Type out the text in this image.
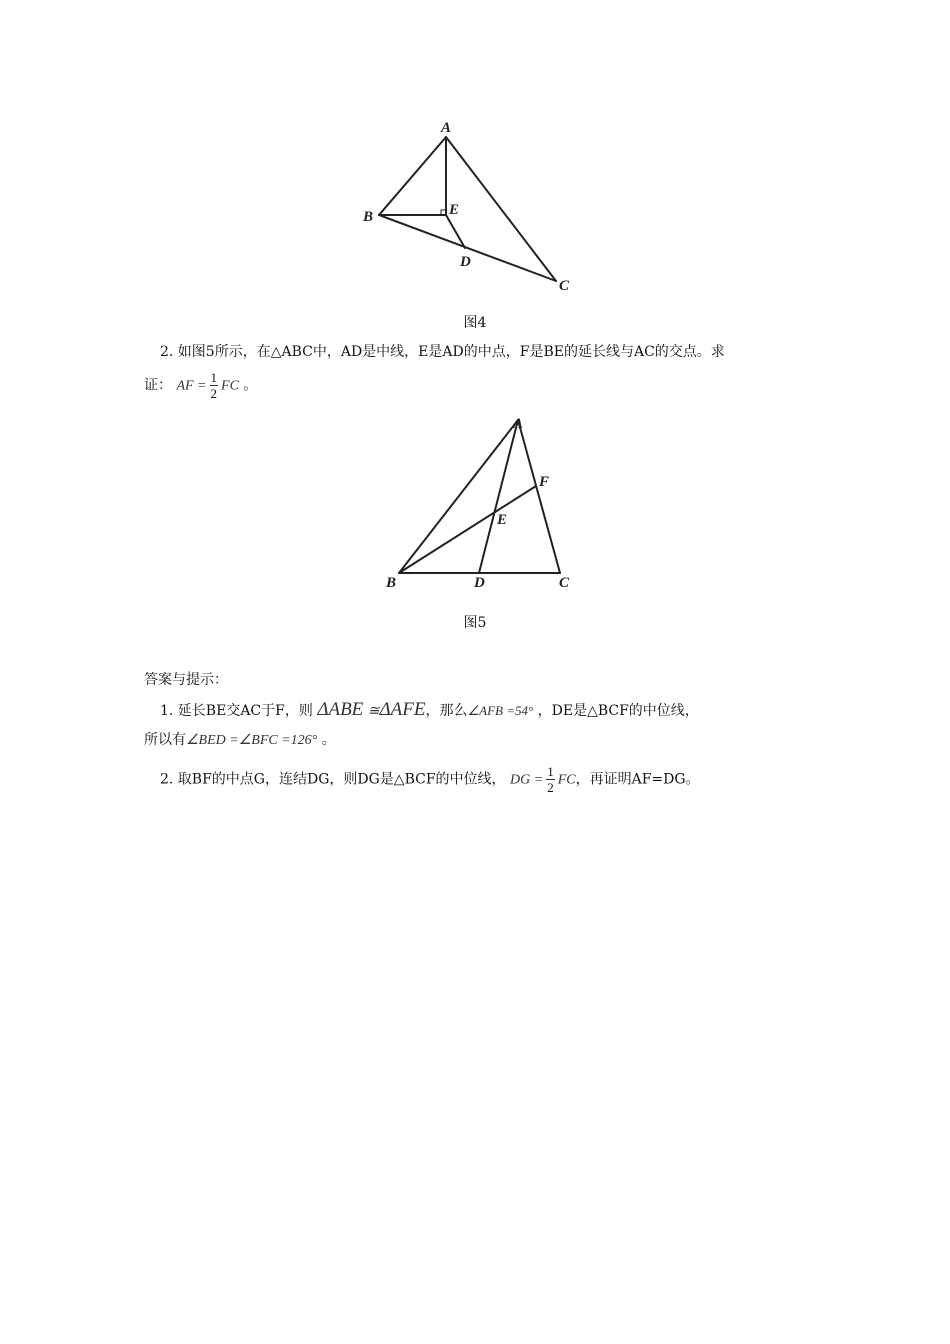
A
B
C
D
E
图4
2. 如图5所示，在△ABC中，AD是中线，E是AD的中点，F是BE的延长线与AC的交点。求
证： AF = $\frac{1}{2}$ FC 。
A
B	C
D
E
F
图5
答案与提示：
1. 延长BE交AC于F，则 ΔABE ≅ΔAFE，那么∠AFB =54° ，DE是△BCF的中位线，
所以有∠BED =∠BFC =126° 。
2. 取BF的中点G，连结DG，则DG是△BCF的中位线， DG = $\frac{1}{2}$ FC，再证明AF=DG。
